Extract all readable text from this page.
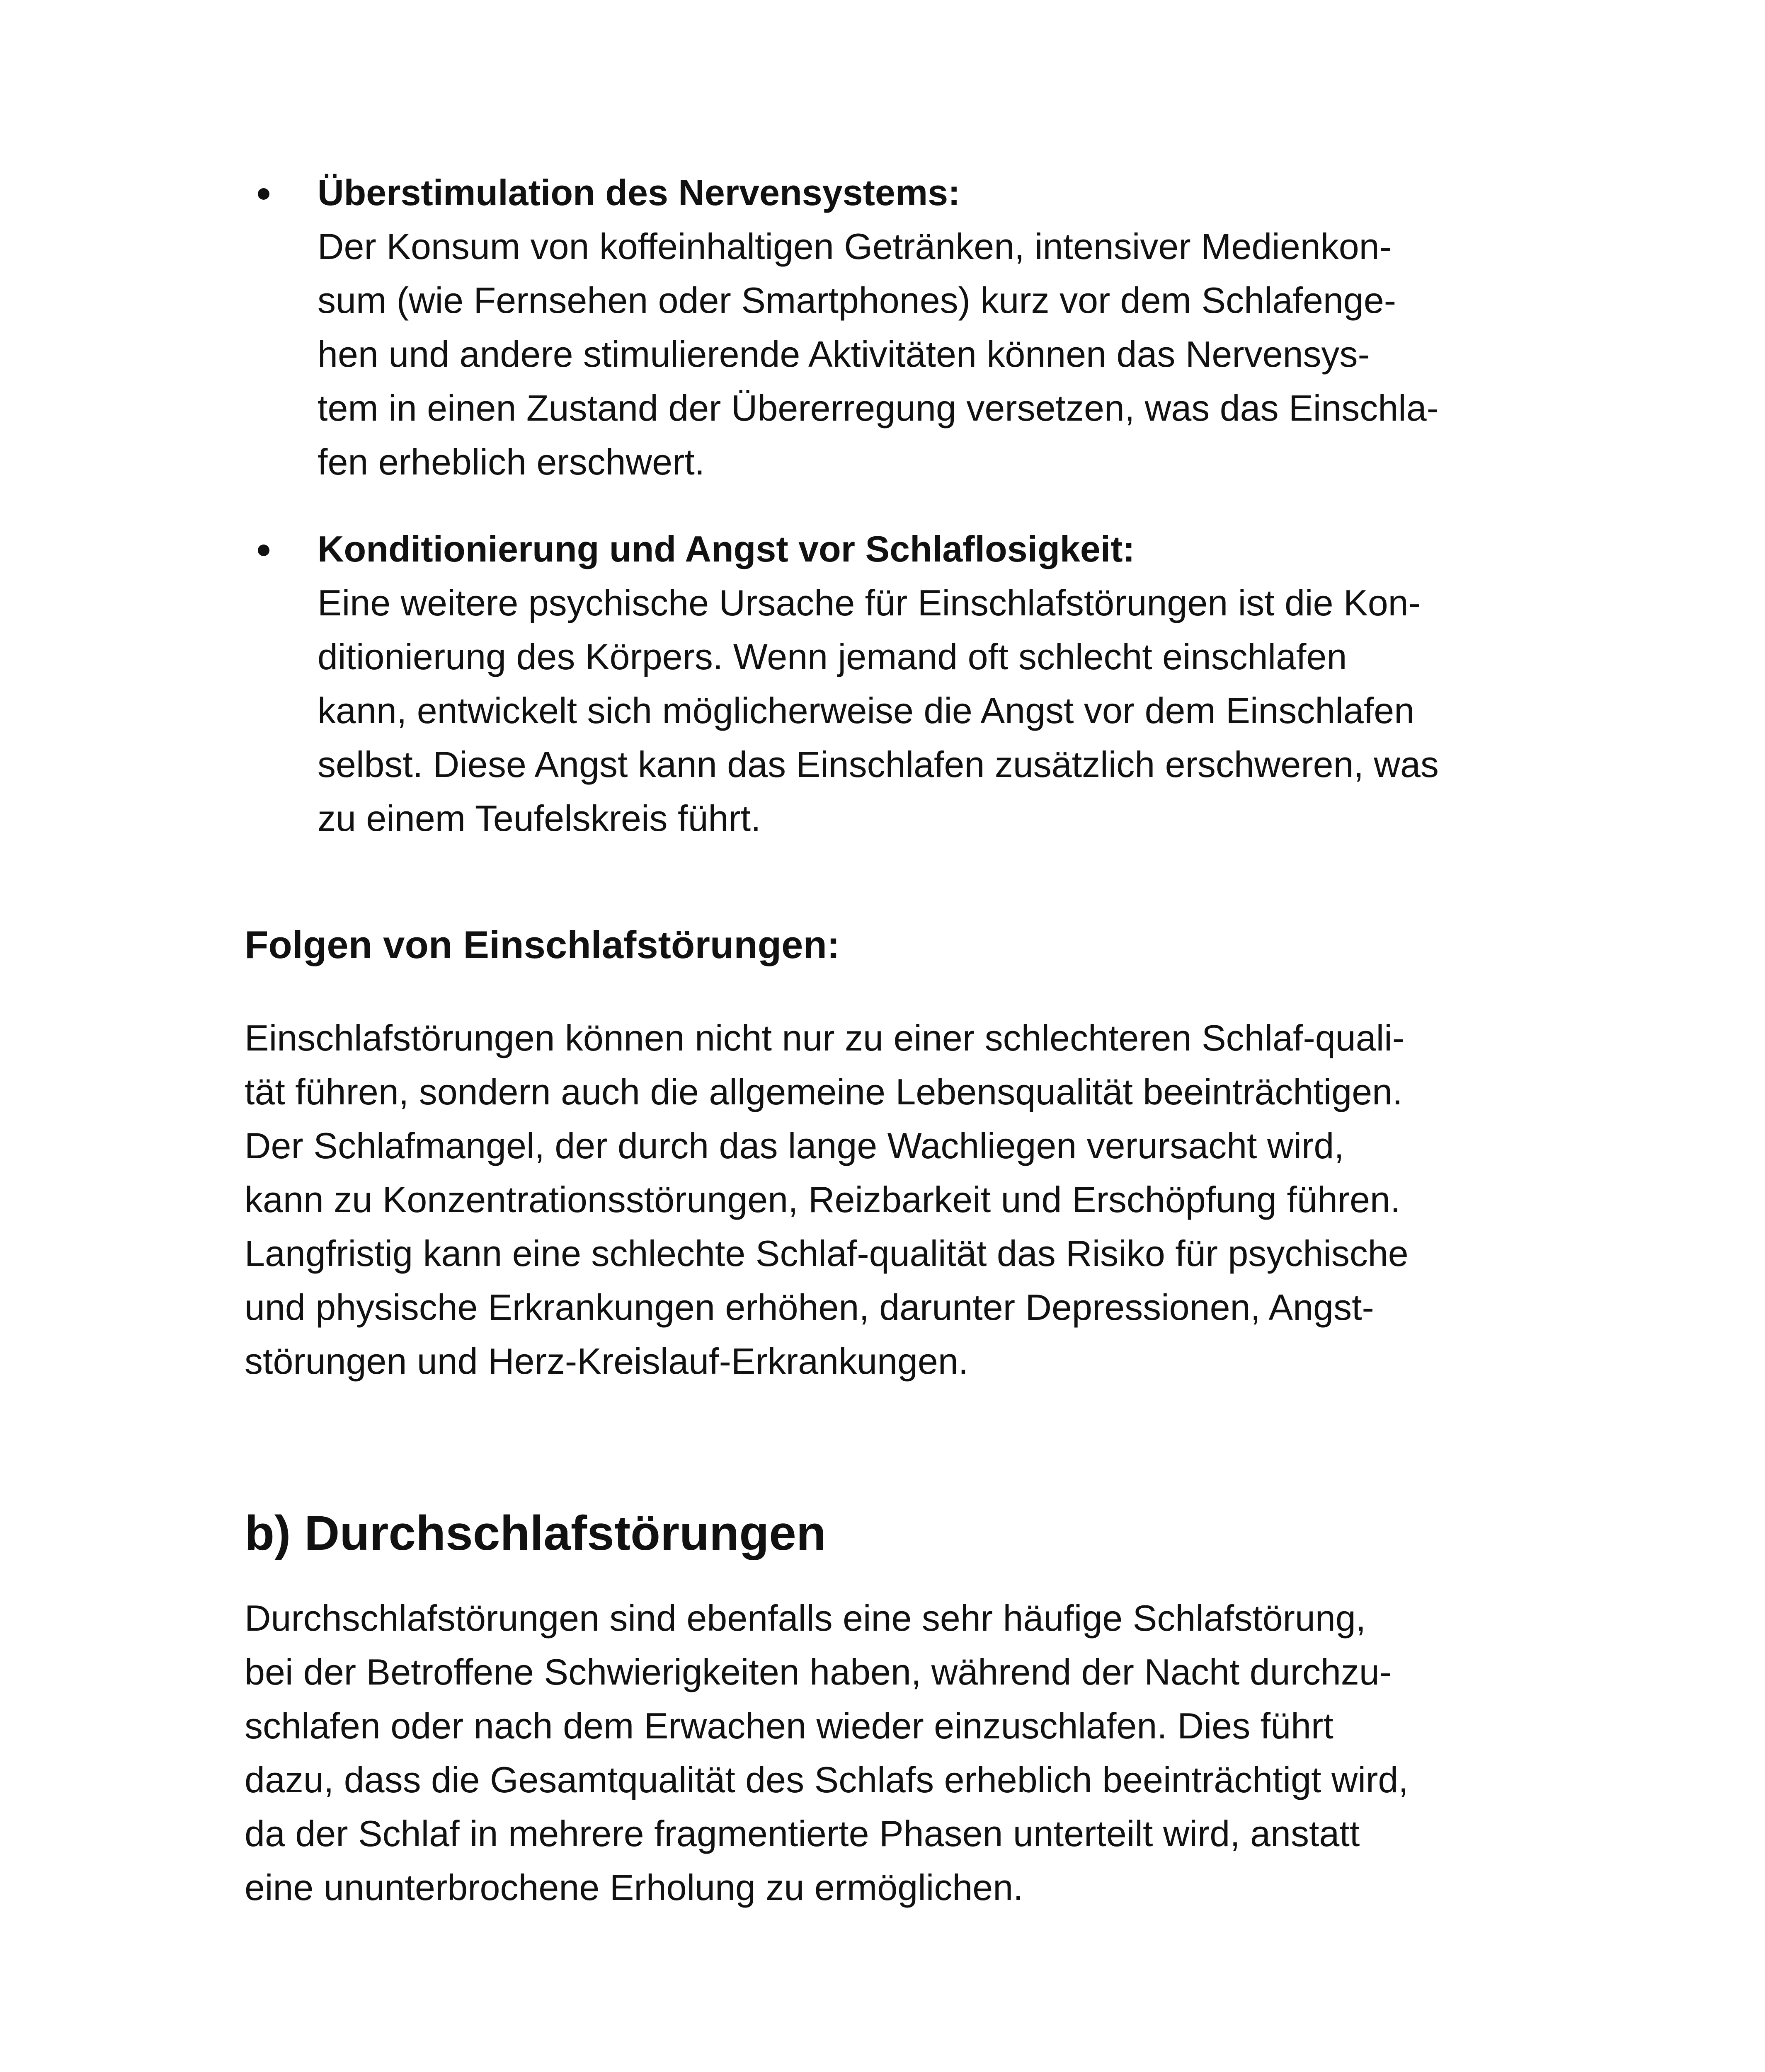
Überstimulation des Nervensystems:
Der Konsum von koffeinhaltigen Getränken, intensiver Medienkon-
sum (wie Fernsehen oder Smartphones) kurz vor dem Schlafenge-
hen und andere stimulierende Aktivitäten können das Nervensys-
tem in einen Zustand der Übererregung versetzen, was das Einschla-
fen erheblich erschwert.
Konditionierung und Angst vor Schlaflosigkeit:
Eine weitere psychische Ursache für Einschlafstörungen ist die Kon-
ditionierung des Körpers. Wenn jemand oft schlecht einschlafen
kann, entwickelt sich möglicherweise die Angst vor dem Einschlafen
selbst. Diese Angst kann das Einschlafen zusätzlich erschweren, was
zu einem Teufelskreis führt.
Folgen von Einschlafstörungen:
Einschlafstörungen können nicht nur zu einer schlechteren Schlaf-quali-
tät führen, sondern auch die allgemeine Lebensqualität beeinträchtigen.
Der Schlafmangel, der durch das lange Wachliegen verursacht wird,
kann zu Konzentrationsstörungen, Reizbarkeit und Erschöpfung führen.
Langfristig kann eine schlechte Schlaf-qualität das Risiko für psychische
und physische Erkrankungen erhöhen, darunter Depressionen, Angst-
störungen und Herz-Kreislauf-Erkrankungen.
b) Durchschlafstörungen
Durchschlafstörungen sind ebenfalls eine sehr häufige Schlafstörung,
bei der Betroffene Schwierigkeiten haben, während der Nacht durchzu-
schlafen oder nach dem Erwachen wieder einzuschlafen. Dies führt
dazu, dass die Gesamtqualität des Schlafs erheblich beeinträchtigt wird,
da der Schlaf in mehrere fragmentierte Phasen unterteilt wird, anstatt
eine ununterbrochene Erholung zu ermöglichen.
